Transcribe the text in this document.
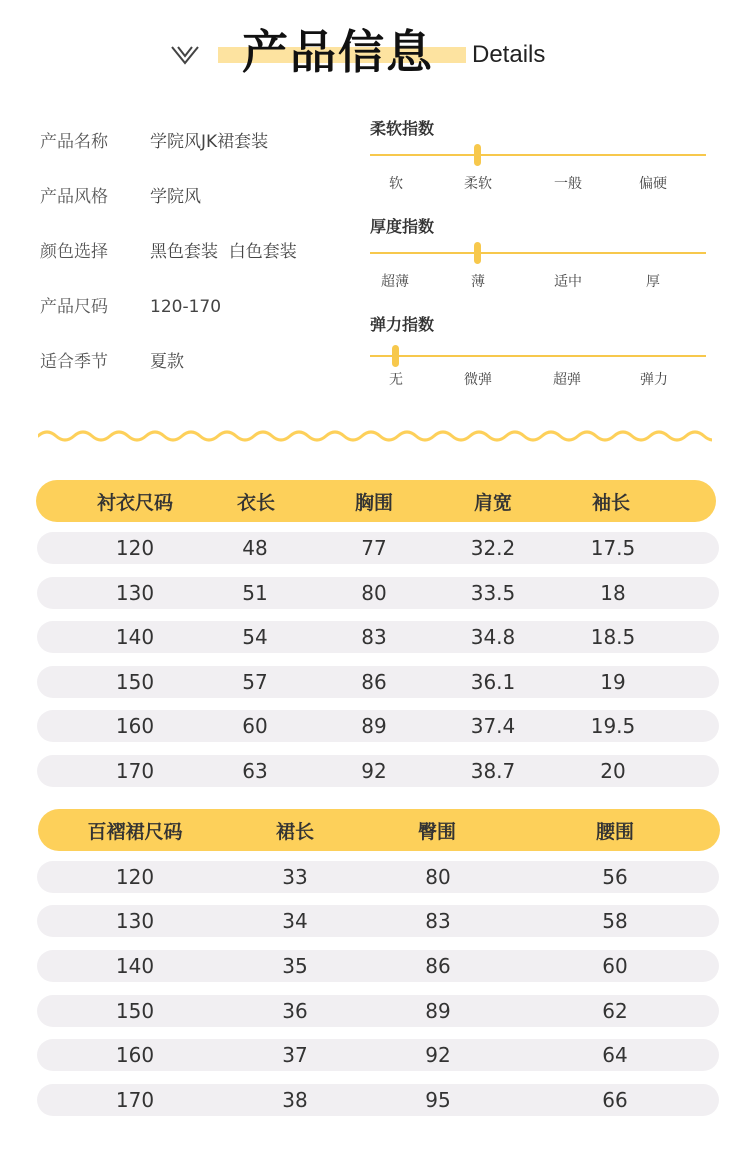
产品信息 Details
产品名称	学院风JK裙套装
产品风格	学院风
颜色选择	黑色套装  白色套装
产品尺码	120-170
适合季节	夏款
柔软指数
软	柔软	一般	偏硬
厚度指数
超薄	薄	适中	厚
弹力指数
无	微弹	超弹	弹力
衬衣尺码	衣长	胸围	肩宽	袖长
120	48	77	32.2	17.5
130	51	80	33.5	18
140	54	83	34.8	18.5
150	57	86	36.1	19
160	60	89	37.4	19.5
170	63	92	38.7	20
百褶裙尺码	裙长	臀围	腰围
120	33	80	56
130	34	83	58
140	35	86	60
150	36	89	62
160	37	92	64
170	38	95	66
